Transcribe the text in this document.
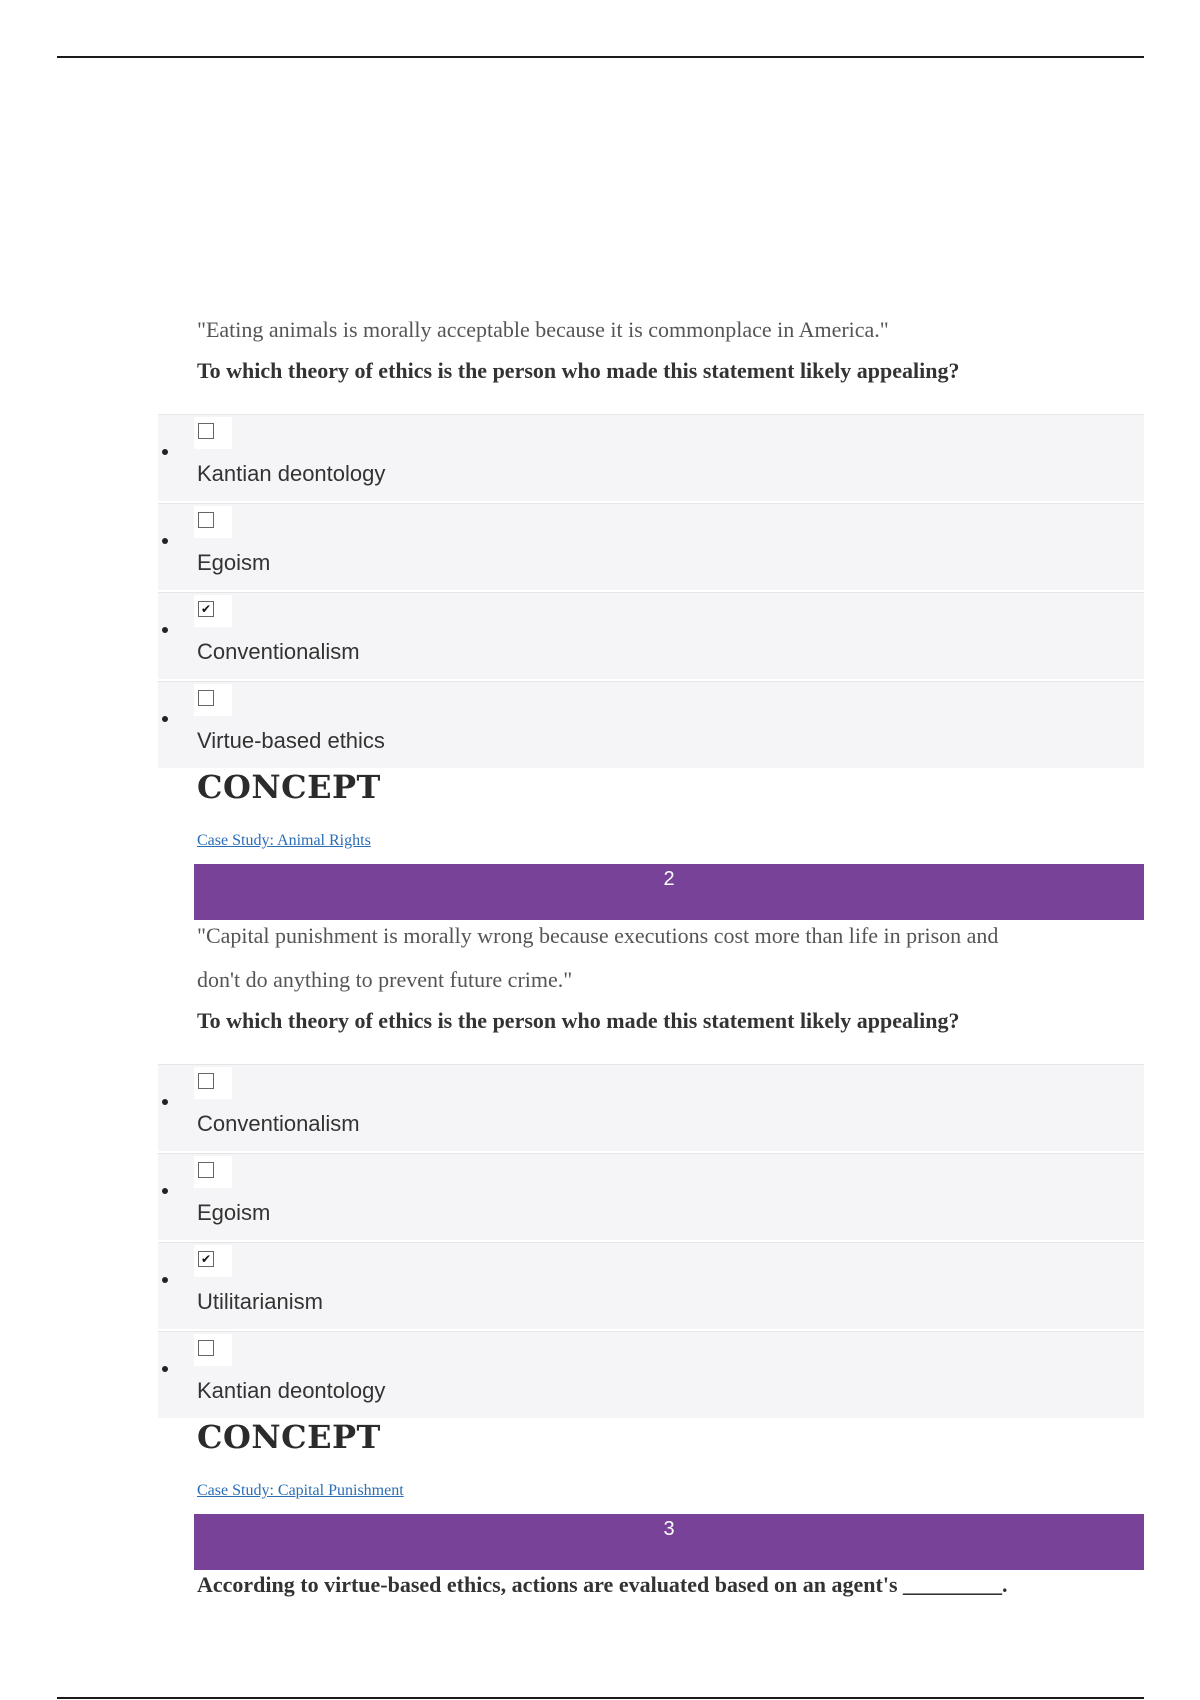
"Eating animals is morally acceptable because it is commonplace in America."
To which theory of ethics is the person who made this statement likely appealing?
Kantian deontology
Egoism
✔
Conventionalism
Virtue-based ethics
CONCEPT
Case Study: Animal Rights
2
"Capital punishment is morally wrong because executions cost more than life in prison and
don't do anything to prevent future crime."
To which theory of ethics is the person who made this statement likely appealing?
Conventionalism
Egoism
✔
Utilitarianism
Kantian deontology
CONCEPT
Case Study: Capital Punishment
3
According to virtue-based ethics, actions are evaluated based on an agent's _________.
